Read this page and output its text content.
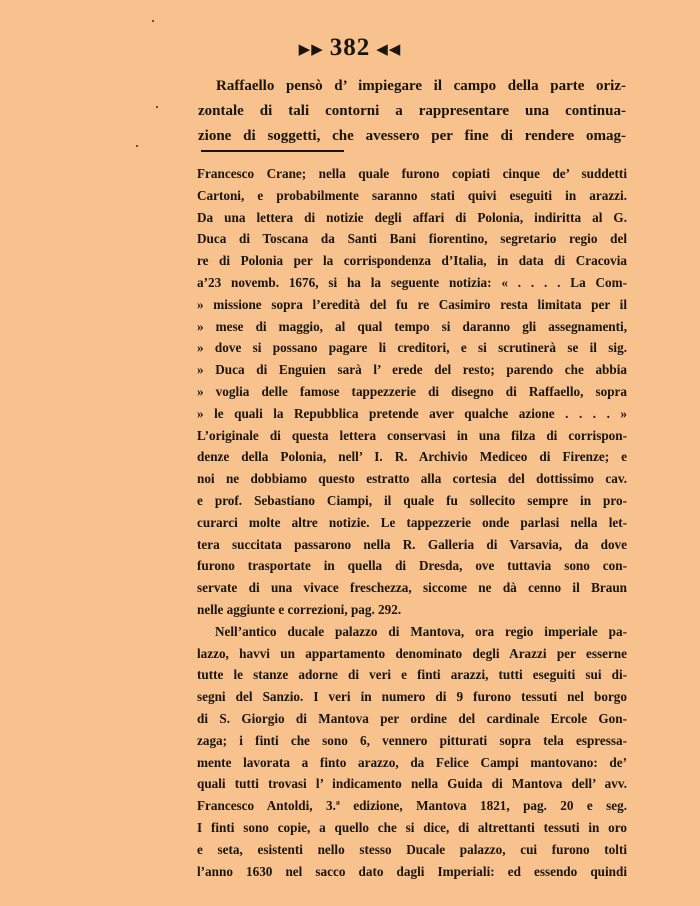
▶▶ 382 ◀◀
Raffaello pensò d’ impiegare il campo della parte oriz-
zontale di tali contorni a rappresentare una continua-
zione di soggetti, che avessero per fine di rendere omag-
Francesco Crane; nella quale furono copiati cinque de’ suddetti
Cartoni, e probabilmente saranno stati quivi eseguiti in arazzi.
Da una lettera di notizie degli affari di Polonia, indiritta al G.
Duca di Toscana da Santi Bani fiorentino, segretario regio del
re di Polonia per la corrispondenza d’Italia, in data di Cracovia
a’23 novemb. 1676, si ha la seguente notizia: « . . . . La Com-
» missione sopra l’eredità del fu re Casimiro resta limitata per il
» mese di maggio, al qual tempo si daranno gli assegnamenti,
» dove si possano pagare li creditori, e si scrutinerà se il sig.
» Duca di Enguien sarà l’ erede del resto; parendo che abbia
» voglia delle famose tappezzerie di disegno di Raffaello, sopra
» le quali la Repubblica pretende aver qualche azione . . . . »
L’originale di questa lettera conservasi in una filza di corrispon-
denze della Polonia, nell’ I. R. Archivio Mediceo di Firenze; e
noi ne dobbiamo questo estratto alla cortesia del dottissimo cav.
e prof. Sebastiano Ciampi, il quale fu sollecito sempre in pro-
curarci molte altre notizie. Le tappezzerie onde parlasi nella let-
tera succitata passarono nella R. Galleria di Varsavia, da dove
furono trasportate in quella di Dresda, ove tuttavia sono con-
servate di una vivace freschezza, siccome ne dà cenno il Braun
nelle aggiunte e correzioni, pag. 292.
Nell’antico ducale palazzo di Mantova, ora regio imperiale pa-
lazzo, havvi un appartamento denominato degli Arazzi per esserne
tutte le stanze adorne di veri e finti arazzi, tutti eseguiti sui di-
segni del Sanzio. I veri in numero di 9 furono tessuti nel borgo
di S. Giorgio di Mantova per ordine del cardinale Ercole Gon-
zaga; i finti che sono 6, vennero pitturati sopra tela espressa-
mente lavorata a finto arazzo, da Felice Campi mantovano: de’
quali tutti trovasi l’ indicamento nella Guida di Mantova dell’ avv.
Francesco Antoldi, 3.ª edizione, Mantova 1821, pag. 20 e seg.
I finti sono copie, a quello che si dice, di altrettanti tessuti in oro
e seta, esistenti nello stesso Ducale palazzo, cui furono tolti
l’anno 1630 nel sacco dato dagli Imperiali: ed essendo quindi
